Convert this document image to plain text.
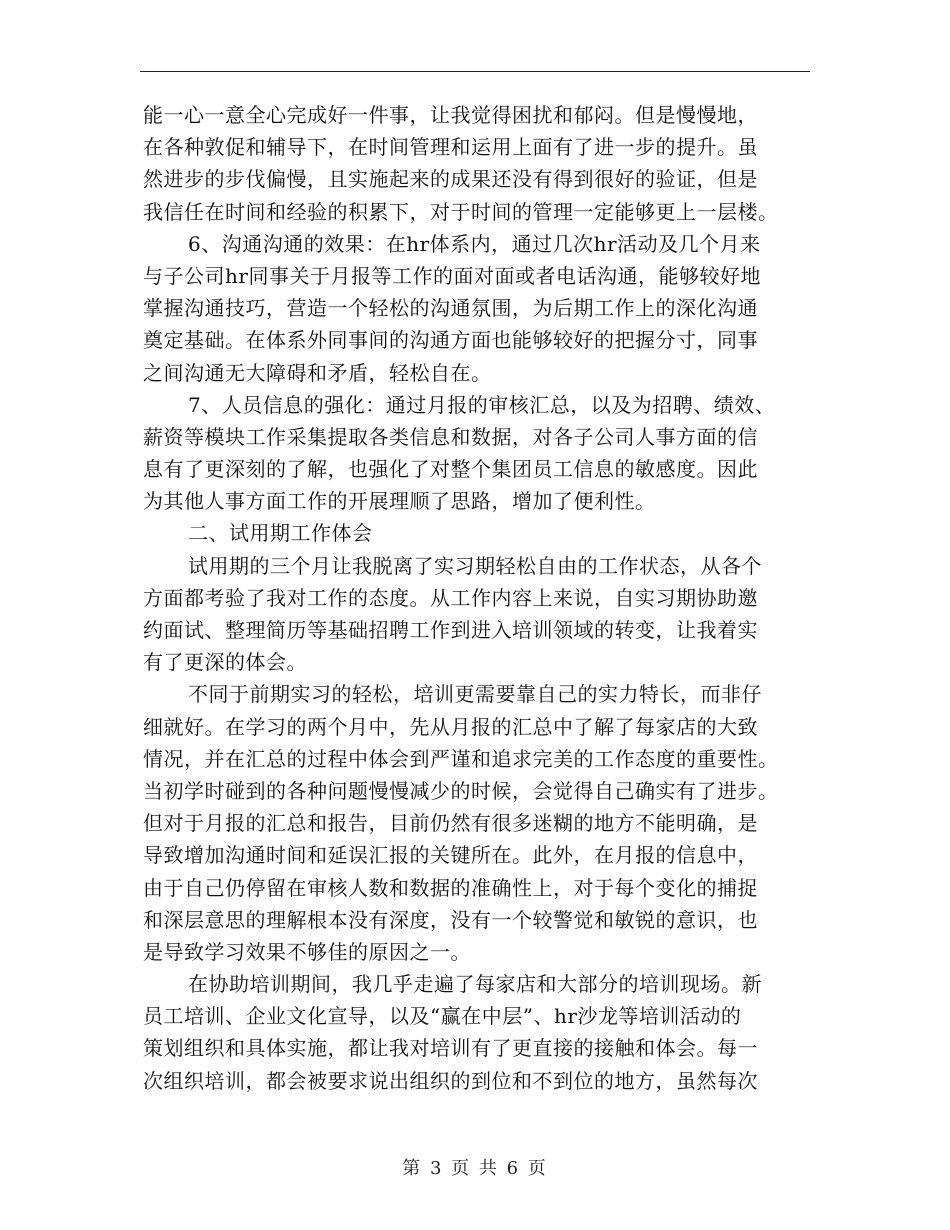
能一心一意全心完成好一件事，让我觉得困扰和郁闷。但是慢慢地，
在各种敦促和辅导下，在时间管理和运用上面有了进一步的提升。虽
然进步的步伐偏慢，且实施起来的成果还没有得到很好的验证，但是
我信任在时间和经验的积累下，对于时间的管理一定能够更上一层楼。
6、沟通沟通的效果：在hr体系内，通过几次hr活动及几个月来
与子公司hr同事关于月报等工作的面对面或者电话沟通，能够较好地
掌握沟通技巧，营造一个轻松的沟通氛围，为后期工作上的深化沟通
奠定基础。在体系外同事间的沟通方面也能够较好的把握分寸，同事
之间沟通无大障碍和矛盾，轻松自在。
7、人员信息的强化：通过月报的审核汇总，以及为招聘、绩效、
薪资等模块工作采集提取各类信息和数据，对各子公司人事方面的信
息有了更深刻的了解，也强化了对整个集团员工信息的敏感度。因此
为其他人事方面工作的开展理顺了思路，增加了便利性。
二、试用期工作体会
试用期的三个月让我脱离了实习期轻松自由的工作状态，从各个
方面都考验了我对工作的态度。从工作内容上来说，自实习期协助邀
约面试、整理简历等基础招聘工作到进入培训领域的转变，让我着实
有了更深的体会。
不同于前期实习的轻松，培训更需要靠自己的实力特长，而非仔
细就好。在学习的两个月中，先从月报的汇总中了解了每家店的大致
情况，并在汇总的过程中体会到严谨和追求完美的工作态度的重要性。
当初学时碰到的各种问题慢慢减少的时候，会觉得自己确实有了进步。
但对于月报的汇总和报告，目前仍然有很多迷糊的地方不能明确，是
导致增加沟通时间和延误汇报的关键所在。此外，在月报的信息中，
由于自己仍停留在审核人数和数据的准确性上，对于每个变化的捕捉
和深层意思的理解根本没有深度，没有一个较警觉和敏锐的意识，也
是导致学习效果不够佳的原因之一。
在协助培训期间，我几乎走遍了每家店和大部分的培训现场。新
员工培训、企业文化宣导，以及“赢在中层”、hr沙龙等培训活动的
策划组织和具体实施，都让我对培训有了更直接的接触和体会。每一
次组织培训，都会被要求说出组织的到位和不到位的地方，虽然每次
第 3 页 共 6 页
